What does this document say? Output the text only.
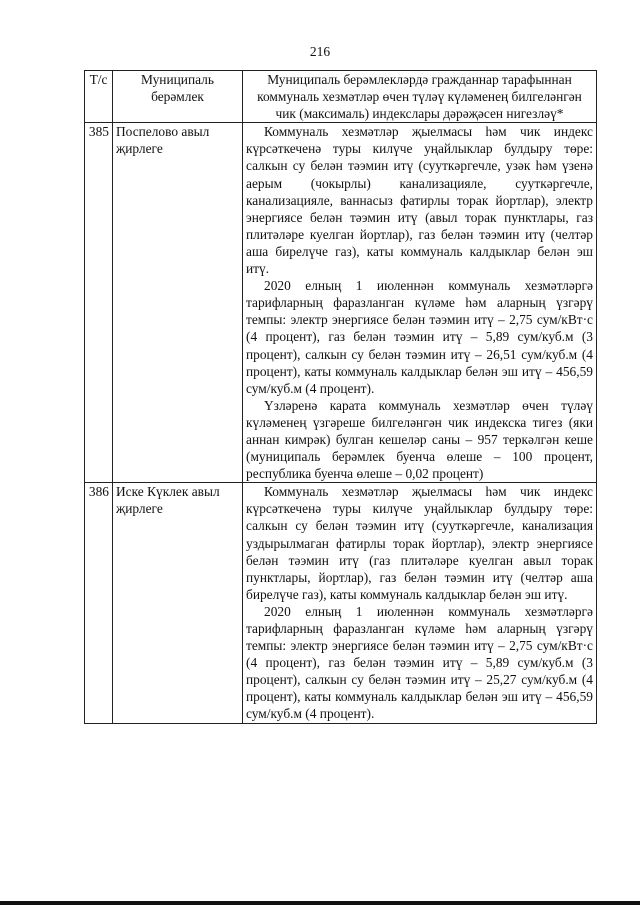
216
Т/с	Муниципаль берәмлек	Муниципаль берәмлекләрдә гражданнар тарафыннан коммуналь хезмәтләр өчен түләү күләменең билгеләнгән чик (максималь) индекслары дәрәҗәсен нигезләү*
385	Поспелово авыл җирлеге	Коммуналь хезмәтләр җыелмасы һәм чик индекс күрсәткеченә туры килүче уңайлыклар булдыру төре: салкын су белән тәэмин итү (сууткәргечле, узәк һәм үзенә аерым (чокырлы) канализацияле, сууткәргечле, канализацияле, ваннасыз фатирлы торак йортлар), электр энергиясе белән тәэмин итү (авыл торак пунктлары, газ плитәләре куелган йортлар), газ белән тәэмин итү (челтәр аша бирелүче газ), каты коммуналь калдыклар белән эш итү.

2020 елның 1 июленнән коммуналь хезмәтләргә тарифларның фаразланган күләме һәм аларның үзгәрү темпы: электр энергиясе белән тәэмин итү – 2,75 сум/кВт·с (4 процент), газ белән тәэмин итү – 5,89 сум/куб.м (3 процент), салкын су белән тәэмин итү – 26,51 сум/куб.м (4 процент), каты коммуналь калдыклар белән эш итү – 456,59 сум/куб.м (4 процент).

Үзләренә карата коммуналь хезмәтләр өчен түләү күләменең үзгәреше билгеләнгән чик индекска тигез (яки аннан кимрәк) булган кешеләр саны – 957 теркәлгән кеше (муниципаль берәмлек буенча өлеше – 100 процент, республика буенча өлеше – 0,02 процент)

386	Иске Күклек авыл җирлеге	Коммуналь хезмәтләр җыелмасы һәм чик индекс күрсәткеченә туры килүче уңайлыклар булдыру төре: салкын су белән тәэмин итү (сууткәргечле, канализация уздырылмаган фатирлы торак йортлар), электр энергиясе белән тәэмин итү (газ плитәләре куелган авыл торак пунктлары, йортлар), газ белән тәэмин итү (челтәр аша бирелүче газ), каты коммуналь калдыклар белән эш итү.

2020 елның 1 июленнән коммуналь хезмәтләргә тарифларның фаразланган күләме һәм аларның үзгәрү темпы: электр энергиясе белән тәэмин итү – 2,75 сум/кВт·с (4 процент), газ белән тәэмин итү – 5,89 сум/куб.м (3 процент), салкын су белән тәэмин итү – 25,27 сум/куб.м (4 процент), каты коммуналь калдыклар белән эш итү – 456,59 сум/куб.м (4 процент).
